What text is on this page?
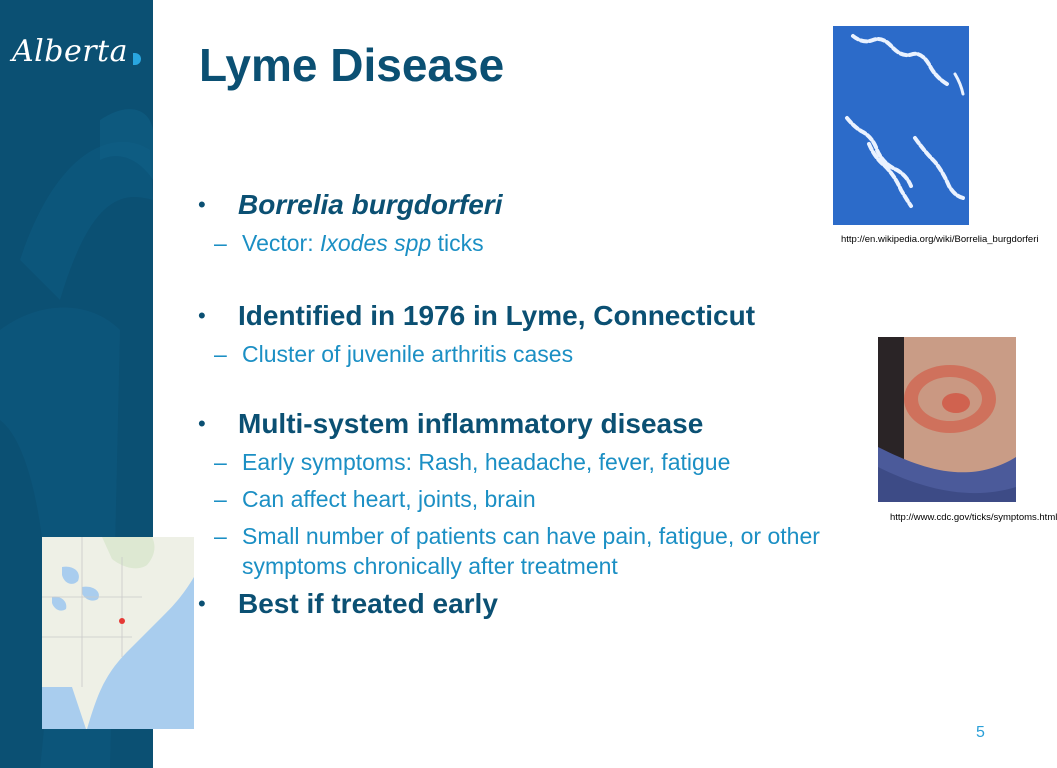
Alberta Lyme Disease
• Borrelia burgdorferi
– Vector: Ixodes spp ticks
• Identified in 1976 in Lyme, Connecticut
– Cluster of juvenile arthritis cases
• Multi-system inflammatory disease
– Early symptoms: Rash, headache, fever, fatigue
– Can affect heart, joints, brain
– Small number of patients can have pain, fatigue, or other symptoms chronically after treatment
• Best if treated early
http://en.wikipedia.org/wiki/Borrelia_burgdorferi
http://www.cdc.gov/ticks/symptoms.html
5
